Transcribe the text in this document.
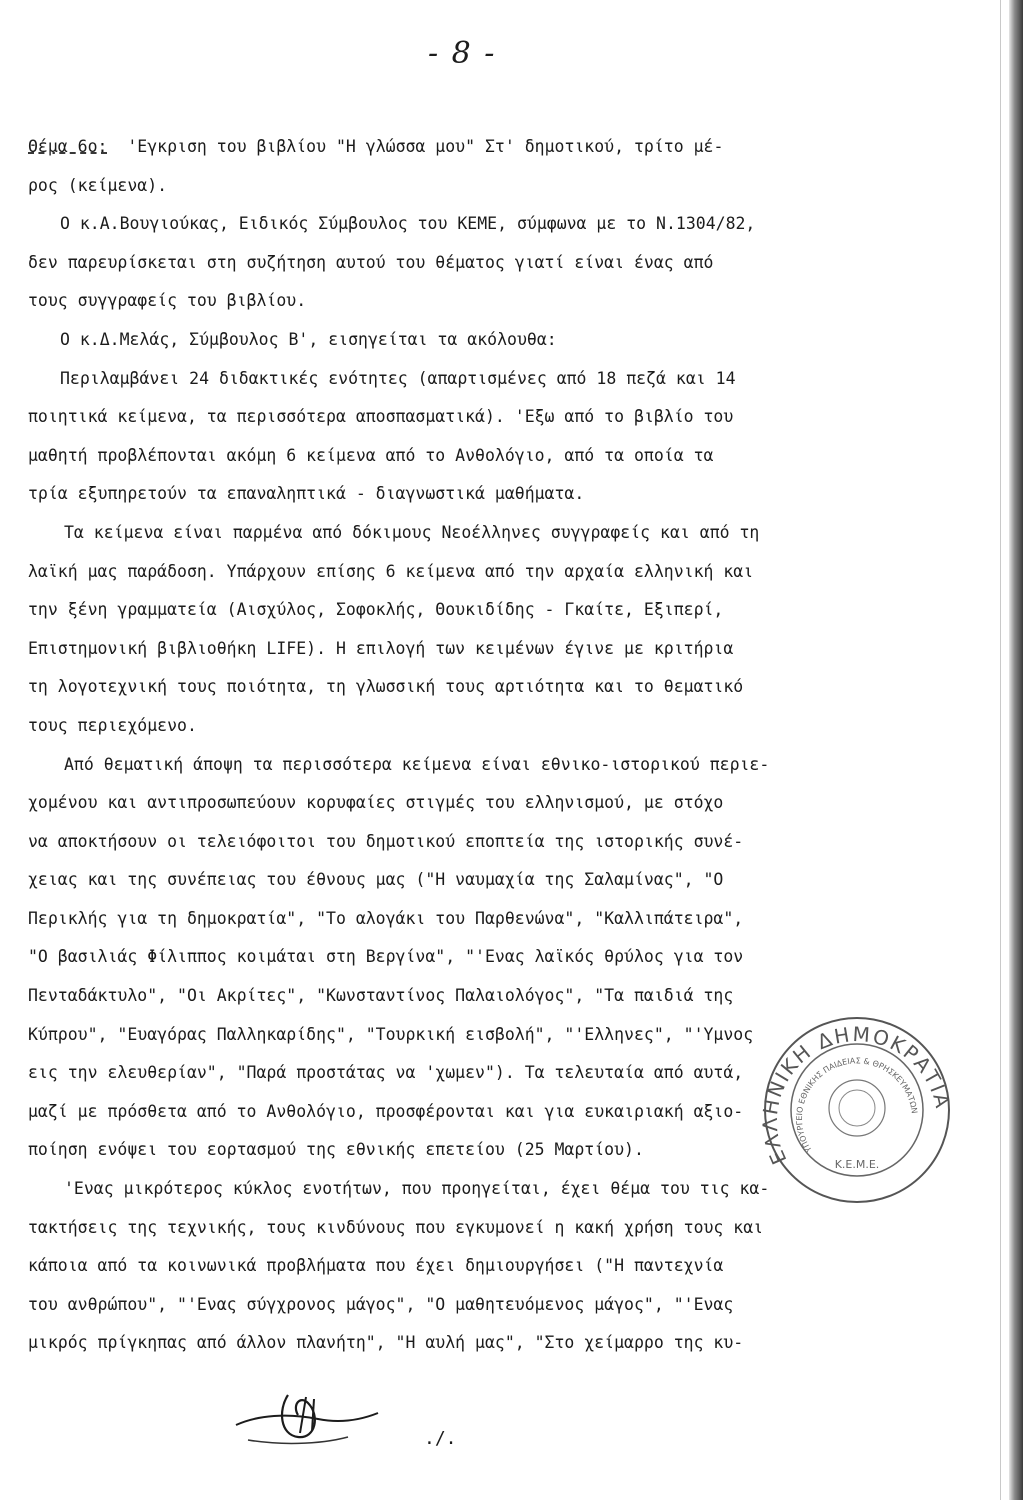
- 8 -
Θέμα 6ο:  'Εγκριση του βιβλίου "Η γλώσσα μου" Στ' δημοτικού, τρίτο μέ-
ρος (κείμενα).
Ο κ.Α.Βουγιούκας, Ειδικός Σύμβουλος του ΚΕΜΕ, σύμφωνα με το Ν.1304/82,
δεν παρευρίσκεται στη συζήτηση αυτού του θέματος γιατί είναι ένας από
τους συγγραφείς του βιβλίου.
Ο κ.Δ.Μελάς, Σύμβουλος Β', εισηγείται τα ακόλουθα:
Περιλαμβάνει 24 διδακτικές ενότητες (απαρτισμένες από 18 πεζά και 14
ποιητικά κείμενα, τα περισσότερα αποσπασματικά). 'Εξω από το βιβλίο του
μαθητή προβλέπονται ακόμη 6 κείμενα από το Ανθολόγιο, από τα οποία τα
τρία εξυπηρετούν τα επαναληπτικά - διαγνωστικά μαθήματα.
Τα κείμενα είναι παρμένα από δόκιμους Νεοέλληνες συγγραφείς και από τη
λαϊκή μας παράδοση. Υπάρχουν επίσης 6 κείμενα από την αρχαία ελληνική και
την ξένη γραμματεία (Αισχύλος, Σοφοκλής, Θουκιδίδης - Γκαίτε, Εξιπερί,
Επιστημονική βιβλιοθήκη LIFE). Η επιλογή των κειμένων έγινε με κριτήρια
τη λογοτεχνική τους ποιότητα, τη γλωσσική τους αρτιότητα και το θεματικό
τους περιεχόμενο.
Από θεματική άποψη τα περισσότερα κείμενα είναι εθνικο-ιστορικού περιε-
χομένου και αντιπροσωπεύουν κορυφαίες στιγμές του ελληνισμού, με στόχο
να αποκτήσουν οι τελειόφοιτοι του δημοτικού εποπτεία της ιστορικής συνέ-
χειας και της συνέπειας του έθνους μας ("Η ναυμαχία της Σαλαμίνας", "Ο
Περικλής για τη δημοκρατία", "Το αλογάκι του Παρθενώνα", "Καλλιπάτειρα",
"Ο βασιλιάς Φίλιππος κοιμάται στη Βεργίνα", "'Ενας λαϊκός θρύλος για τον
Πενταδάκτυλο", "Οι Ακρίτες", "Κωνσταντίνος Παλαιολόγος", "Τα παιδιά της
Κύπρου", "Ευαγόρας Παλληκαρίδης", "Τουρκική εισβολή", "'Ελληνες", "'Υμνος
εις την ελευθερίαν", "Παρά προστάτας να 'χωμεν"). Τα τελευταία από αυτά,
μαζί με πρόσθετα από το Ανθολόγιο, προσφέρονται και για ευκαιριακή αξιο-
ποίηση ενόψει του εορτασμού της εθνικής επετείου (25 Μαρτίου).
'Ενας μικρότερος κύκλος ενοτήτων, που προηγείται, έχει θέμα του τις κα-
τακτήσεις της τεχνικής, τους κινδύνους που εγκυμονεί η κακή χρήση τους και
κάποια από τα κοινωνικά προβλήματα που έχει δημιουργήσει ("Η παντεχνία
του ανθρώπου", "'Ενας σύγχρονος μάγος", "Ο μαθητευόμενος μάγος", "'Ενας
μικρός πρίγκηπας από άλλον πλανήτη", "Η αυλή μας", "Στο χείμαρρο της κυ-
ΕΛΛΗΝΙΚΗ ΔΗΜΟΚΡΑΤΙΑ
ΥΠΟΥΡΓΕΙΟ ΕΘΝΙΚΗΣ ΠΑΙΔΕΙΑΣ & ΘΡΗΣΚΕΥΜΑΤΩΝ
Κ.Ε.Μ.Ε.
./.
